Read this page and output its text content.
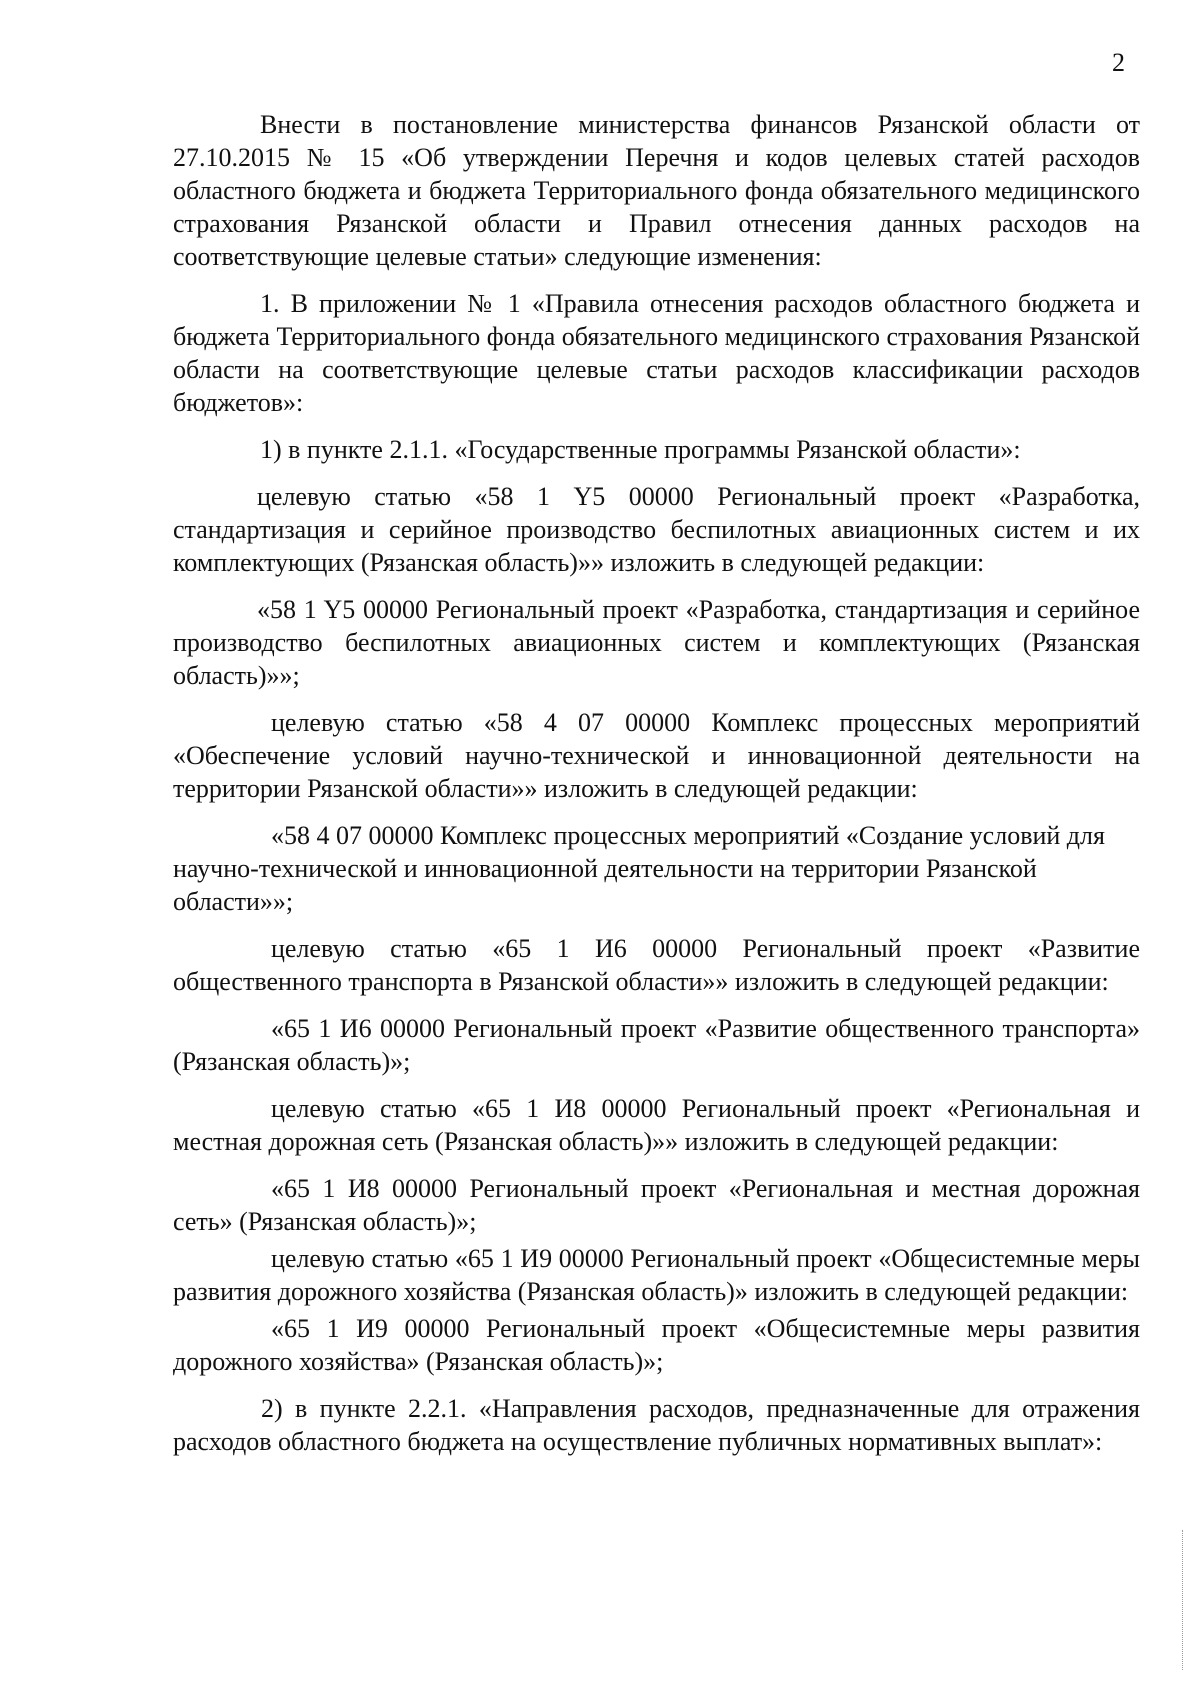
2

Внести в постановление министерства финансов Рязанской области от 27.10.2015 № 15 «Об утверждении Перечня и кодов целевых статей расходов областного бюджета и бюджета Территориального фонда обязательного медицинского страхования Рязанской области и Правил отнесения данных расходов на соответствующие целевые статьи» следующие изменения:

1. В приложении № 1 «Правила отнесения расходов областного бюджета и бюджета Территориального фонда обязательного медицинского страхования Рязанской области на соответствующие целевые статьи расходов классификации расходов бюджетов»:

1) в пункте 2.1.1. «Государственные программы Рязанской области»:

целевую статью «58 1 Y5 00000 Региональный проект «Разработка, стандартизация и серийное производство беспилотных авиационных систем и их комплектующих (Рязанская область)»» изложить в следующей редакции:

«58 1 Y5 00000 Региональный проект «Разработка, стандартизация и серийное производство беспилотных авиационных систем и комплектующих (Рязанская область)»»;

целевую статью «58 4 07 00000 Комплекс процессных мероприятий «Обеспечение условий научно-технической и инновационной деятельности на территории Рязанской области»» изложить в следующей редакции:

«58 4 07 00000 Комплекс процессных мероприятий «Создание условий для научно-технической и инновационной деятельности на территории Рязанской области»»;

целевую статью «65 1 И6 00000 Региональный проект «Развитие общественного транспорта в Рязанской области»» изложить в следующей редакции:

«65 1 И6 00000 Региональный проект «Развитие общественного транспорта» (Рязанская область)»;

целевую статью «65 1 И8 00000 Региональный проект «Региональная и местная дорожная сеть (Рязанская область)»» изложить в следующей редакции:

«65 1 И8 00000 Региональный проект «Региональная и местная дорожная сеть» (Рязанская область)»;

целевую статью «65 1 И9 00000 Региональный проект «Общесистемные меры развития дорожного хозяйства (Рязанская область)» изложить в следующей редакции:

«65 1 И9 00000 Региональный проект «Общесистемные меры развития дорожного хозяйства» (Рязанская область)»;

2) в пункте 2.2.1. «Направления расходов, предназначенные для отражения расходов областного бюджета на осуществление публичных нормативных выплат»:
